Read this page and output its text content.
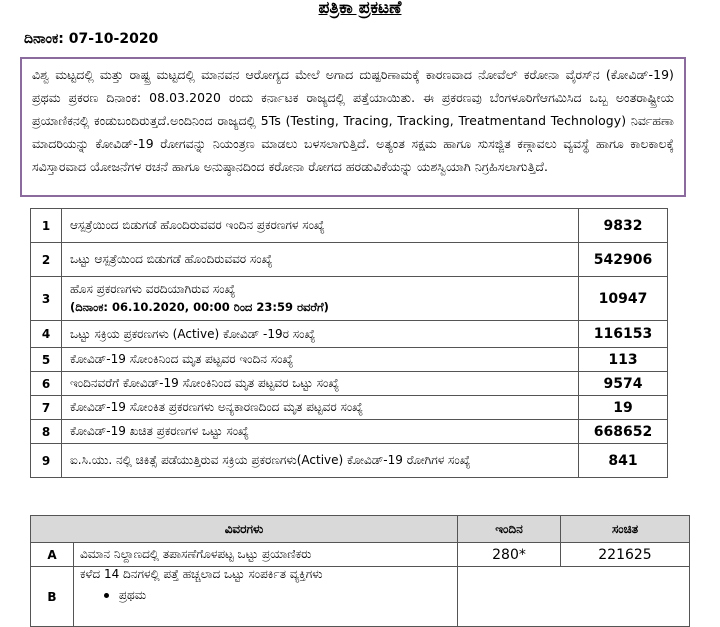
ಪತ್ರಿಕಾ ಪ್ರಕಟಣೆ
ದಿನಾಂಕ: 07-10-2020
ವಿಶ್ವ ಮಟ್ಟದಲ್ಲಿ ಮತ್ತು ರಾಷ್ಟ್ರ ಮಟ್ಟದಲ್ಲಿ ಮಾನವನ ಆರೋಗ್ಯದ ಮೇಲೆ ಅಗಾದ ದುಷ್ಪರಿಣಾಮಕ್ಕೆ ಕಾರಣವಾದ ನೋವೆಲ್ ಕರೋನಾ ವೈರಸ್‌ನ (ಕೋವಿಡ್-19) ಪ್ರಥಮ ಪ್ರಕರಣ ದಿನಾಂಕ: 08.03.2020 ರಂದು ಕರ್ನಾಟಕ ರಾಜ್ಯದಲ್ಲಿ ಪತ್ತೆಯಾಯಿತು. ಈ ಪ್ರಕರಣವು ಬೆಂಗಳೂರಿಗೆಆಗಮಿಸಿದ ಒಬ್ಬ ಅಂತರಾಷ್ಟ್ರೀಯ ಪ್ರಯಾಣಿಕನಲ್ಲಿ ಕಂಡುಬಂದಿರುತ್ತದೆ.ಅಂದಿನಿಂದ ರಾಜ್ಯದಲ್ಲಿ 5Ts (Testing, Tracing, Tracking, Treatmentand Technology) ನಿರ್ವಹಣಾ ಮಾದರಿಯನ್ನು ಕೋವಿಡ್-19 ರೋಗವನ್ನು ನಿಯಂತ್ರಣ ಮಾಡಲು ಬಳಸಲಾಗುತ್ತಿದೆ. ಅತ್ಯಂತ ಸಕ್ಷಮ ಹಾಗೂ ಸುಸಜ್ಜಿತ ಕಣ್ಗಾವಲು ವ್ಯವಸ್ಥೆ ಹಾಗೂ ಕಾಲಕಾಲಕ್ಕೆ ಸವಿಸ್ತಾರವಾದ ಯೋಜನೆಗಳ ರಚನೆ ಹಾಗೂ ಅನುಷ್ಠಾನದಿಂದ ಕರೋನಾ ರೋಗದ ಹರಡುವಿಕೆಯನ್ನು ಯಶಸ್ವಿಯಾಗಿ ನಿಗ್ರಹಿಸಲಾಗುತ್ತಿದೆ.
1	ಆಸ್ಪತ್ರೆಯಿಂದ ಬಿಡುಗಡೆ ಹೊಂದಿರುವವರ ಇಂದಿನ ಪ್ರಕರಣಗಳ ಸಂಖ್ಯೆ		9832
2	ಒಟ್ಟು ಆಸ್ಪತ್ರೆಯಿಂದ ಬಿಡುಗಡೆ ಹೊಂದಿರುವವರ ಸಂಖ್ಯೆ		542906
3	ಹೊಸ ಪ್ರಕರಣಗಳು ವರದಿಯಾಗಿರುವ ಸಂಖ್ಯೆ
(ದಿನಾಂಕ: 06.10.2020, 00:00 ರಿಂದ 23:59 ರವರೆಗೆ)		10947
4	ಒಟ್ಟು ಸಕ್ರಿಯ ಪ್ರಕರಣಗಳು (Active) ಕೋವಿಡ್ -19ರ ಸಂಖ್ಯೆ		116153
5	ಕೋವಿಡ್-19 ಸೋಂಕಿನಿಂದ ಮೃತ ಪಟ್ಟವರ ಇಂದಿನ ಸಂಖ್ಯೆ		113
6	ಇಂದಿನವರೆಗೆ ಕೋವಿಡ್-19 ಸೋಂಕಿನಿಂದ ಮೃತ ಪಟ್ಟವರ ಒಟ್ಟು ಸಂಖ್ಯೆ		9574
7	ಕೋವಿಡ್-19 ಸೋಂಕಿತ ಪ್ರಕರಣಗಳು ಅನ್ಯಕಾರಣದಿಂದ ಮೃತ ಪಟ್ಟವರ ಸಂಖ್ಯೆ		19
8	ಕೋವಿಡ್-19 ಖಚಿತ ಪ್ರಕರಣಗಳ ಒಟ್ಟು ಸಂಖ್ಯೆ		668652
9	ಐ.ಸಿ.ಯು. ನಲ್ಲಿ ಚಿಕಿತ್ಸೆ ಪಡೆಯುತ್ತಿರುವ ಸಕ್ರಿಯ ಪ್ರಕರಣಗಳು(Active) ಕೋವಿಡ್-19 ರೋಗಿಗಳ ಸಂಖ್ಯೆ		841
ವಿವರಗಳು		ಇಂದಿನ	ಸಂಚಿತ
A	ವಿಮಾನ ನಿಲ್ದಾಣದಲ್ಲಿ ತಪಾಸಣೆಗೊಳಪಟ್ಟ ಒಟ್ಟು ಪ್ರಯಾಣಿಕರು	280*	221625
B	ಕಳೆದ 14 ದಿನಗಳಲ್ಲಿ ಪತ್ತೆ ಹಚ್ಚಲಾದ ಒಟ್ಟು ಸಂಪರ್ಕಿತ ವ್ಯಕ್ತಿಗಳು
ಪ್ರಥಮ		
